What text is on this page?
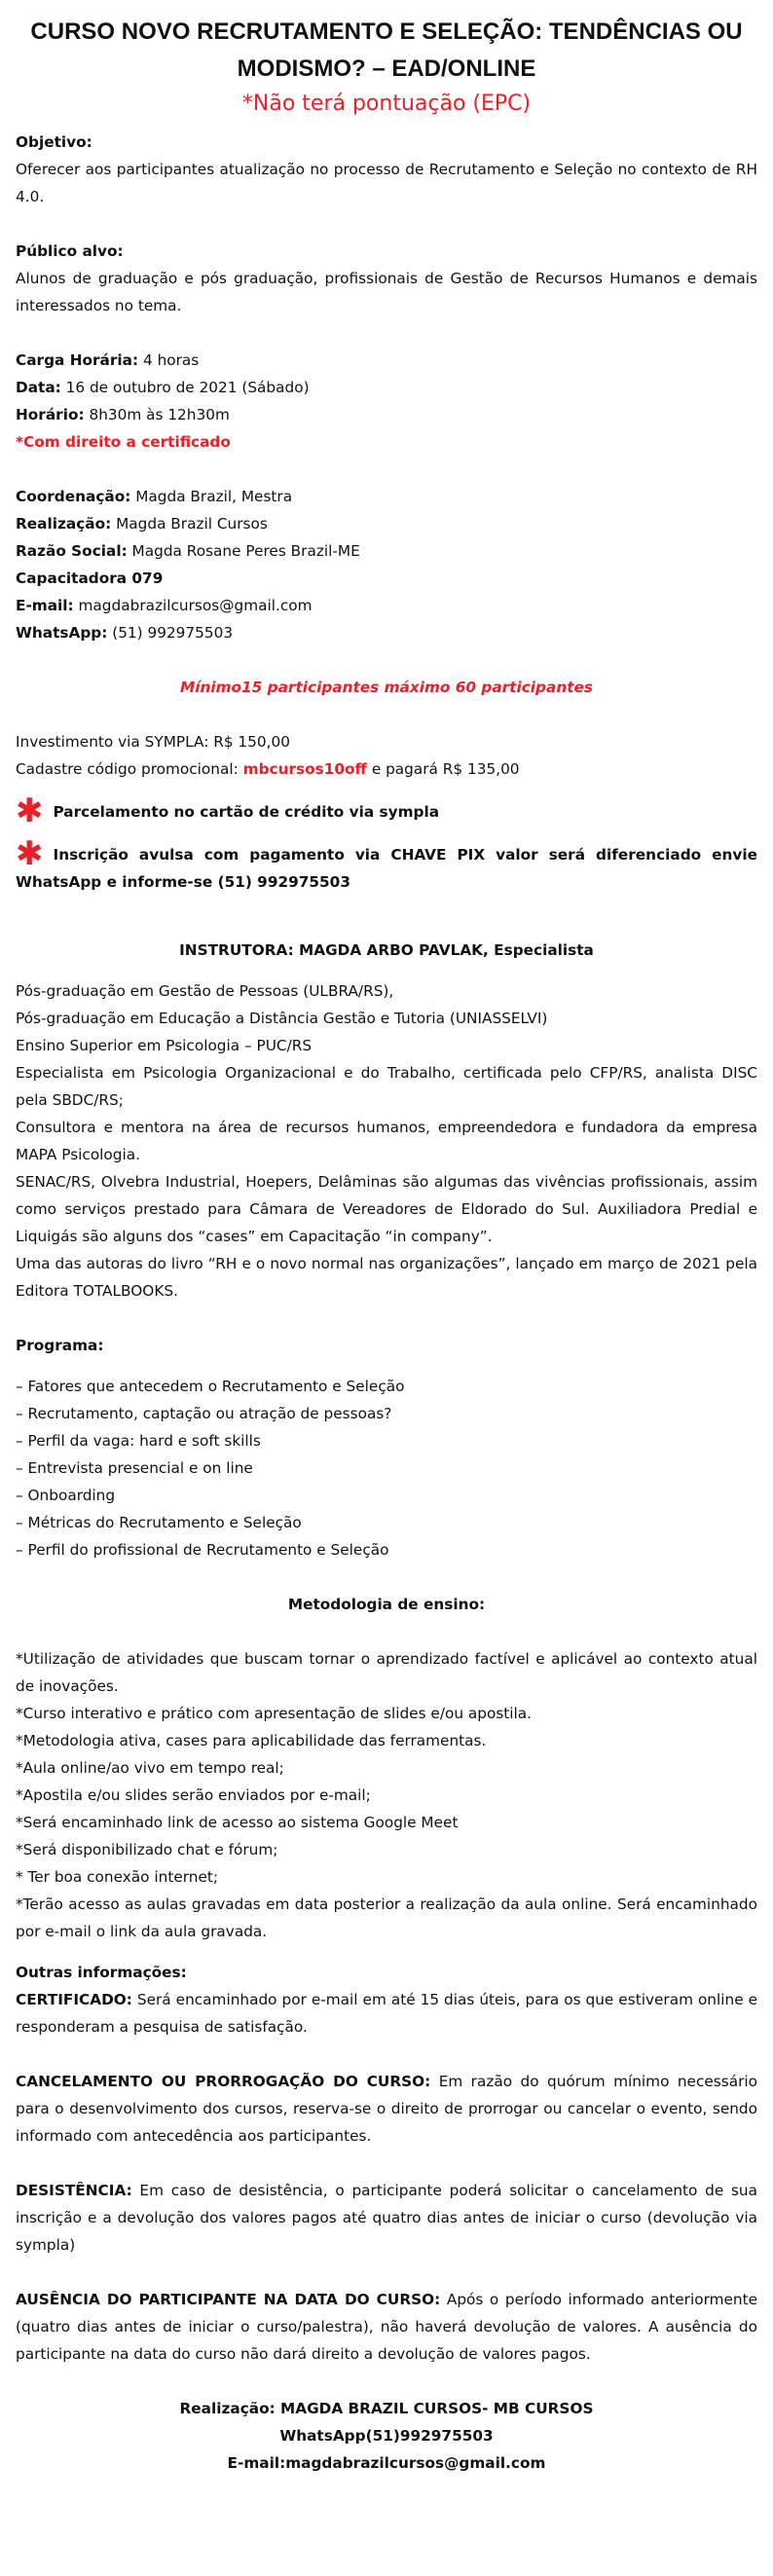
CURSO NOVO RECRUTAMENTO E SELEÇÃO: TENDÊNCIAS OU MODISMO? – EAD/ONLINE
*Não terá pontuação (EPC)

Objetivo:

Oferecer aos participantes atualização no processo de Recrutamento e Seleção no contexto de RH 4.0.

Público alvo:

Alunos de graduação e pós graduação, profissionais de Gestão de Recursos Humanos e demais interessados no tema.

Carga Horária: 4 horas

Data: 16 de outubro de 2021 (Sábado)

Horário: 8h30m às 12h30m

*Com direito a certificado

Coordenação: Magda Brazil, Mestra

Realização: Magda Brazil Cursos

Razão Social: Magda Rosane Peres Brazil-ME

Capacitadora 079

E-mail: magdabrazilcursos@gmail.com

WhatsApp: (51) 992975503

Mínimo15 participantes máximo 60 participantes

Investimento via SYMPLA: R$ 150,00

Cadastre código promocional: mbcursos10off e pagará R$ 135,00

✱ Parcelamento no cartão de crédito via sympla
✱ Inscrição avulsa com pagamento via CHAVE PIX valor será diferenciado envie WhatsApp e informe-se (51) 992975503

INSTRUTORA: MAGDA ARBO PAVLAK, Especialista

Pós-graduação em Gestão de Pessoas (ULBRA/RS),

Pós-graduação em Educação a Distância Gestão e Tutoria (UNIASSELVI)

Ensino Superior em Psicologia – PUC/RS

Especialista em Psicologia Organizacional e do Trabalho, certificada pelo CFP/RS, analista DISC pela SBDC/RS;

Consultora e mentora na área de recursos humanos, empreendedora e fundadora da empresa MAPA Psicologia.

SENAC/RS, Olvebra Industrial, Hoepers, Delâminas são algumas das vivências profissionais, assim como serviços prestado para Câmara de Vereadores de Eldorado do Sul. Auxiliadora Predial e Liquigás são alguns dos “cases” em Capacitação “in company”.

Uma das autoras do livro “RH e o novo normal nas organizações”, lançado em março de 2021 pela Editora TOTALBOOKS.

Programa:

– Fatores que antecedem o Recrutamento e Seleção

– Recrutamento, captação ou atração de pessoas?

– Perfil da vaga: hard e soft skills

– Entrevista presencial e on line

– Onboarding

– Métricas do Recrutamento e Seleção

– Perfil do profissional de Recrutamento e Seleção

Metodologia de ensino:

*Utilização de atividades que buscam tornar o aprendizado factível e aplicável ao contexto atual de inovações.

*Curso interativo e prático com apresentação de slides e/ou apostila.

*Metodologia ativa, cases para aplicabilidade das ferramentas.

*Aula online/ao vivo em tempo real;

*Apostila e/ou slides serão enviados por e-mail;

*Será encaminhado link de acesso ao sistema Google Meet

*Será disponibilizado chat e fórum;

* Ter boa conexão internet;

*Terão acesso as aulas gravadas em data posterior a realização da aula online. Será encaminhado por e-mail o link da aula gravada.

Outras informações:

CERTIFICADO: Será encaminhado por e-mail em até 15 dias úteis, para os que estiveram online e responderam a pesquisa de satisfação.

CANCELAMENTO OU PRORROGAÇÃO DO CURSO: Em razão do quórum mínimo necessário para o desenvolvimento dos cursos, reserva-se o direito de prorrogar ou cancelar o evento, sendo informado com antecedência aos participantes.

DESISTÊNCIA: Em caso de desistência, o participante poderá solicitar o cancelamento de sua inscrição e a devolução dos valores pagos até quatro dias antes de iniciar o curso (devolução via sympla)

AUSÊNCIA DO PARTICIPANTE NA DATA DO CURSO: Após o período informado anteriormente (quatro dias antes de iniciar o curso/palestra), não haverá devolução de valores. A ausência do participante na data do curso não dará direito a devolução de valores pagos.

Realização: MAGDA BRAZIL CURSOS- MB CURSOS

WhatsApp(51)992975503

E-mail:magdabrazilcursos@gmail.com
